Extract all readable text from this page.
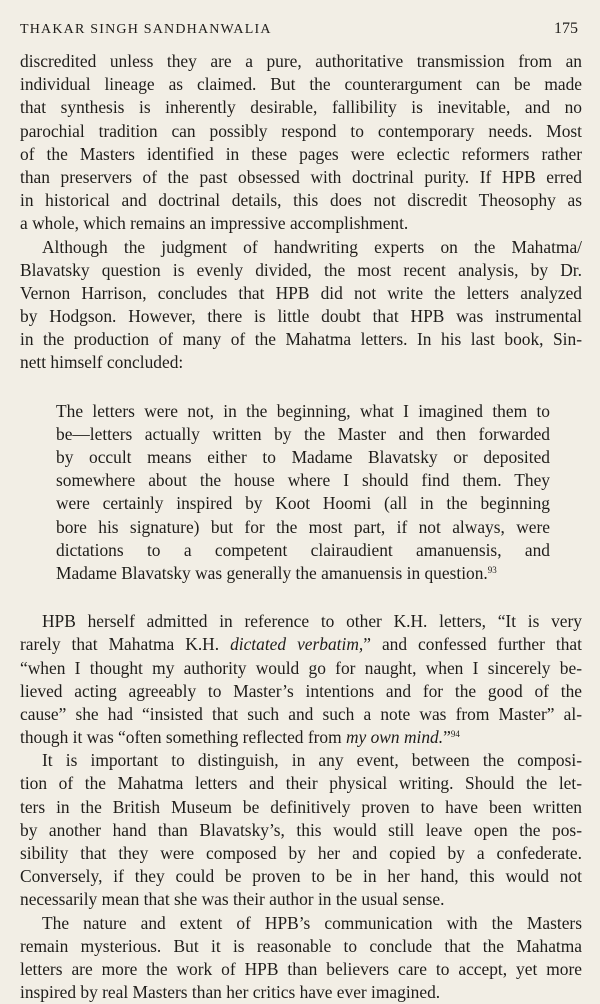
THAKAR SINGH SANDHANWALIA	175
discredited unless they are a pure, authoritative transmission from an
individual lineage as claimed. But the counterargument can be made
that synthesis is inherently desirable, fallibility is inevitable, and no
parochial tradition can possibly respond to contemporary needs. Most
of the Masters identified in these pages were eclectic reformers rather
than preservers of the past obsessed with doctrinal purity. If HPB erred
in historical and doctrinal details, this does not discredit Theosophy as
a whole, which remains an impressive accomplishment.
Although the judgment of handwriting experts on the Mahatma/
Blavatsky question is evenly divided, the most recent analysis, by Dr.
Vernon Harrison, concludes that HPB did not write the letters analyzed
by Hodgson. However, there is little doubt that HPB was instrumental
in the production of many of the Mahatma letters. In his last book, Sin-
nett himself concluded:
The letters were not, in the beginning, what I imagined them to
be—letters actually written by the Master and then forwarded
by occult means either to Madame Blavatsky or deposited
somewhere about the house where I should find them. They
were certainly inspired by Koot Hoomi (all in the beginning
bore his signature) but for the most part, if not always, were
dictations to a competent clairaudient amanuensis, and
Madame Blavatsky was generally the amanuensis in question.$^{93}$
HPB herself admitted in reference to other K.H. letters, “It is very
rarely that Mahatma K.H. dictated verbatim,” and confessed further that
“when I thought my authority would go for naught, when I sincerely be-
lieved acting agreeably to Master’s intentions and for the good of the
cause” she had “insisted that such and such a note was from Master” al-
though it was “often something reflected from my own mind.”$^{94}$
It is important to distinguish, in any event, between the composi-
tion of the Mahatma letters and their physical writing. Should the let-
ters in the British Museum be definitively proven to have been written
by another hand than Blavatsky’s, this would still leave open the pos-
sibility that they were composed by her and copied by a confederate.
Conversely, if they could be proven to be in her hand, this would not
necessarily mean that she was their author in the usual sense.
The nature and extent of HPB’s communication with the Masters
remain mysterious. But it is reasonable to conclude that the Mahatma
letters are more the work of HPB than believers care to accept, yet more
inspired by real Masters than her critics have ever imagined.
